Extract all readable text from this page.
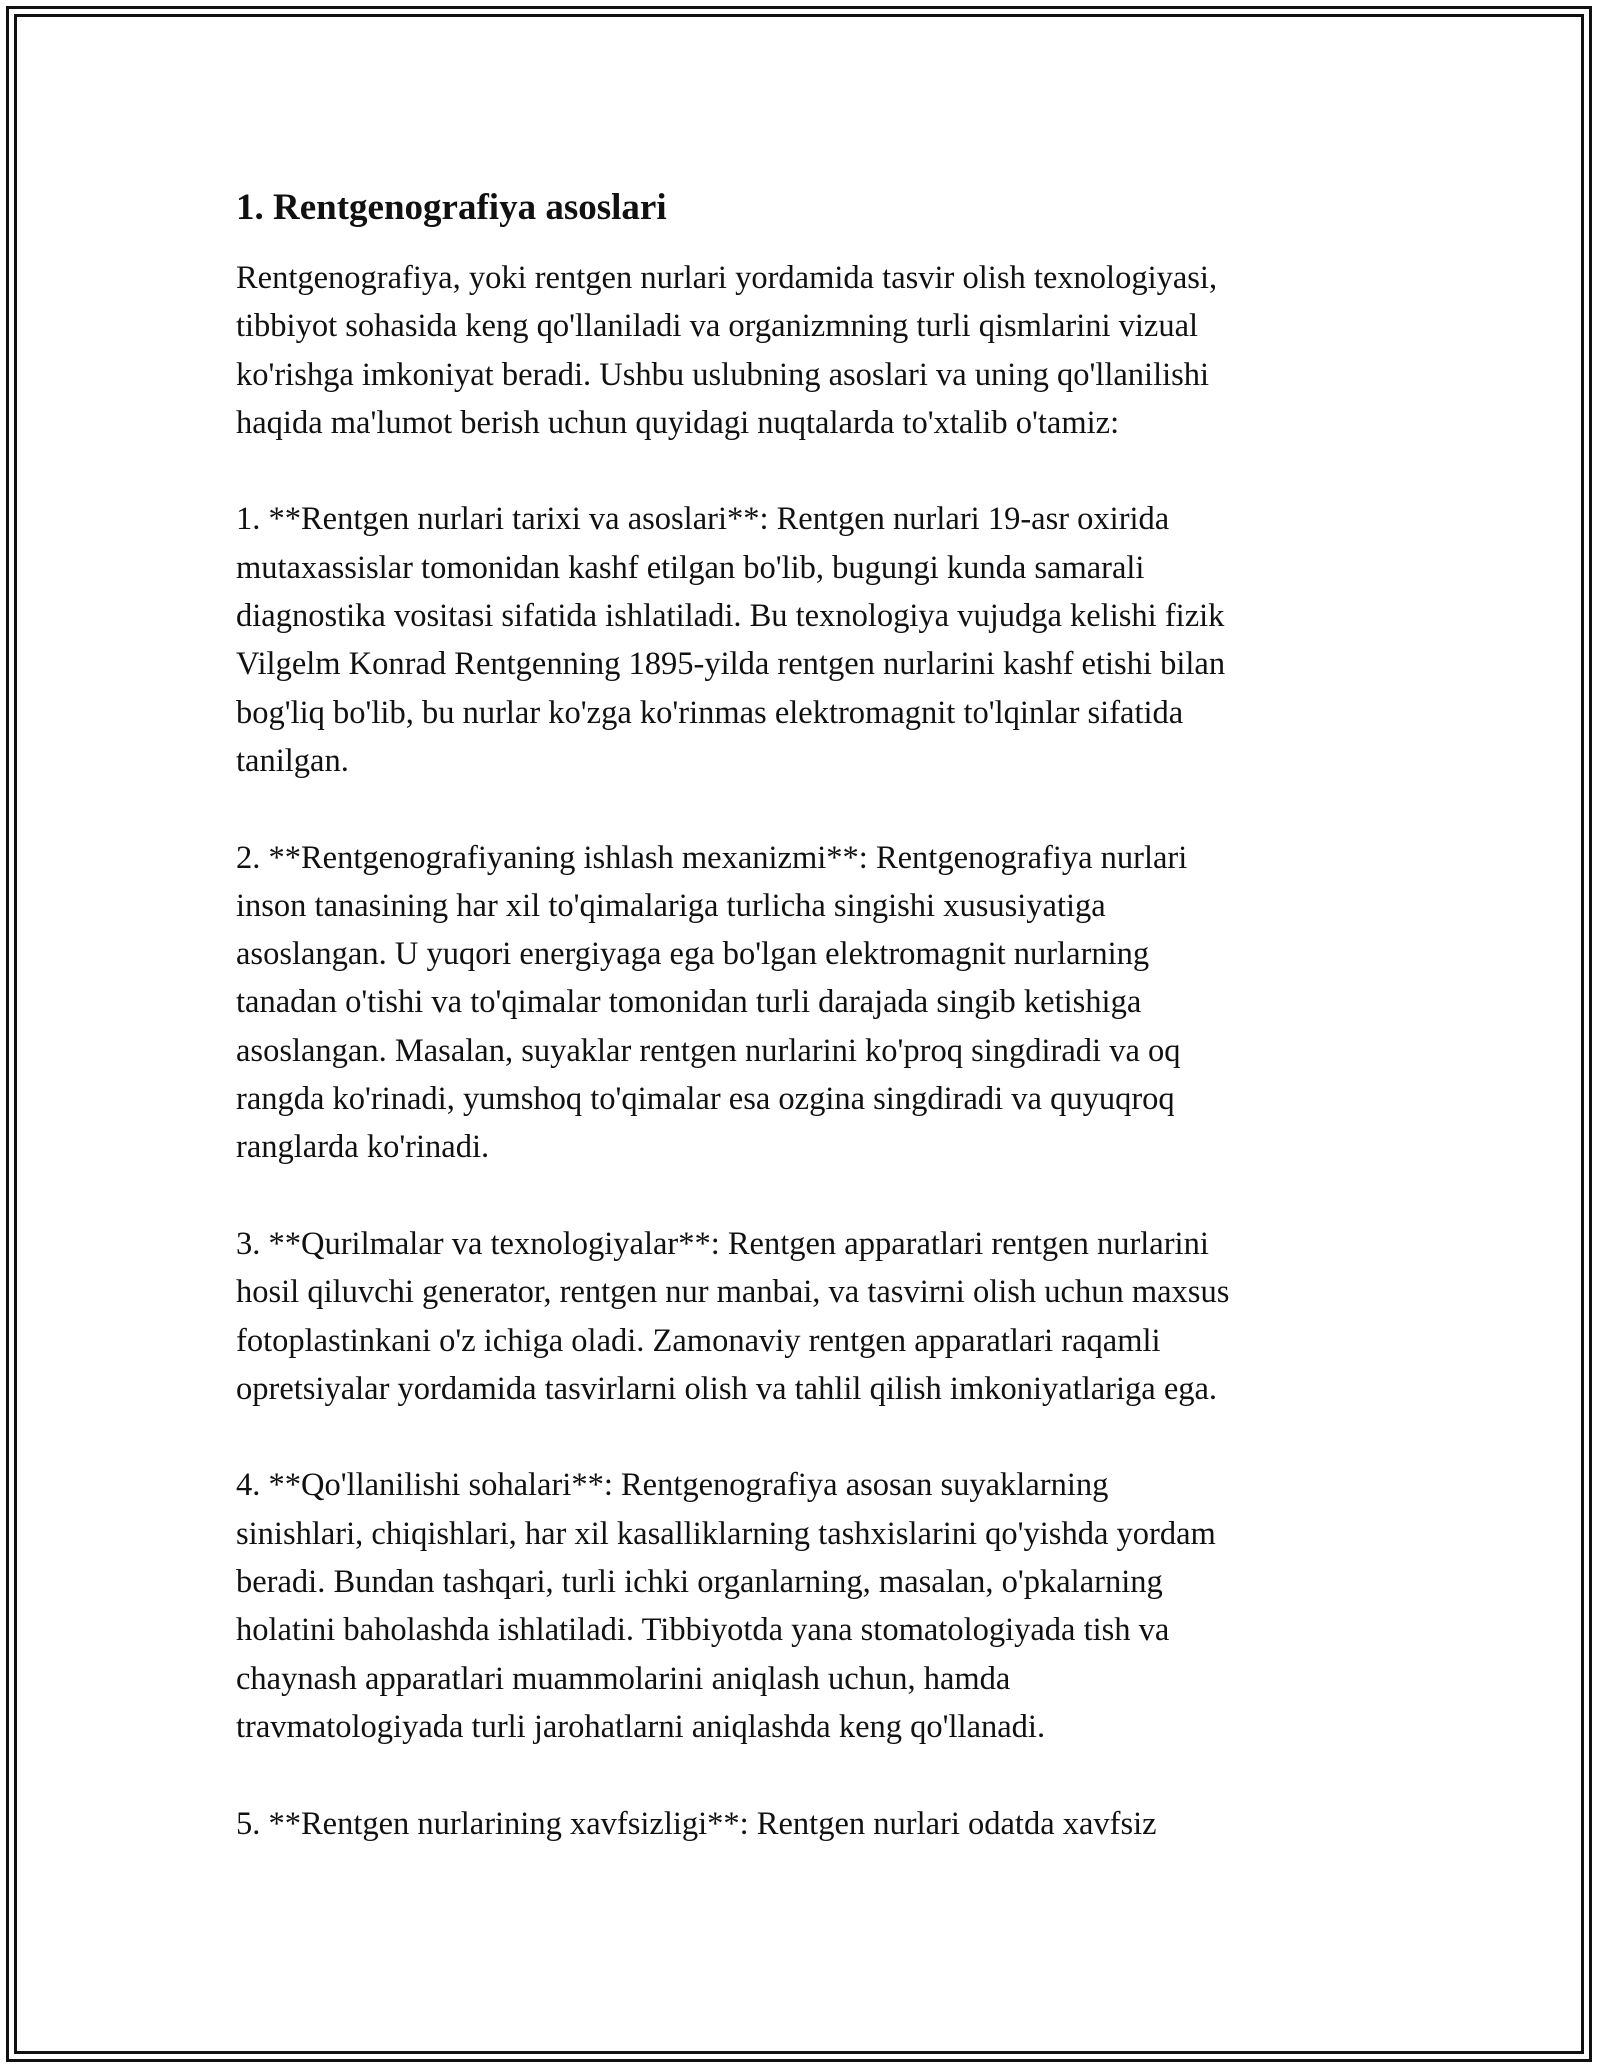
1. Rentgenografiya asoslari

Rentgenografiya, yoki rentgen nurlari yordamida tasvir olish texnologiyasi,
tibbiyot sohasida keng qo'llaniladi va organizmning turli qismlarini vizual
ko'rishga imkoniyat beradi. Ushbu uslubning asoslari va uning qo'llanilishi
haqida ma'lumot berish uchun quyidagi nuqtalarda to'xtalib o'tamiz:

1. **Rentgen nurlari tarixi va asoslari**: Rentgen nurlari 19-asr oxirida
mutaxassislar tomonidan kashf etilgan bo'lib, bugungi kunda samarali
diagnostika vositasi sifatida ishlatiladi. Bu texnologiya vujudga kelishi fizik
Vilgelm Konrad Rentgenning 1895-yilda rentgen nurlarini kashf etishi bilan
bog'liq bo'lib, bu nurlar ko'zga ko'rinmas elektromagnit to'lqinlar sifatida
tanilgan.

2. **Rentgenografiyaning ishlash mexanizmi**: Rentgenografiya nurlari
inson tanasining har xil to'qimalariga turlicha singishi xususiyatiga
asoslangan. U yuqori energiyaga ega bo'lgan elektromagnit nurlarning
tanadan o'tishi va to'qimalar tomonidan turli darajada singib ketishiga
asoslangan. Masalan, suyaklar rentgen nurlarini ko'proq singdiradi va oq
rangda ko'rinadi, yumshoq to'qimalar esa ozgina singdiradi va quyuqroq
ranglarda ko'rinadi.

3. **Qurilmalar va texnologiyalar**: Rentgen apparatlari rentgen nurlarini
hosil qiluvchi generator, rentgen nur manbai, va tasvirni olish uchun maxsus
fotoplastinkani o'z ichiga oladi. Zamonaviy rentgen apparatlari raqamli
opretsiyalar yordamida tasvirlarni olish va tahlil qilish imkoniyatlariga ega.

4. **Qo'llanilishi sohalari**: Rentgenografiya asosan suyaklarning
sinishlari, chiqishlari, har xil kasalliklarning tashxislarini qo'yishda yordam
beradi. Bundan tashqari, turli ichki organlarning, masalan, o'pkalarning
holatini baholashda ishlatiladi. Tibbiyotda yana stomatologiyada tish va
chaynash apparatlari muammolarini aniqlash uchun, hamda
travmatologiyada turli jarohatlarni aniqlashda keng qo'llanadi.

5. **Rentgen nurlarining xavfsizligi**: Rentgen nurlari odatda xavfsiz
